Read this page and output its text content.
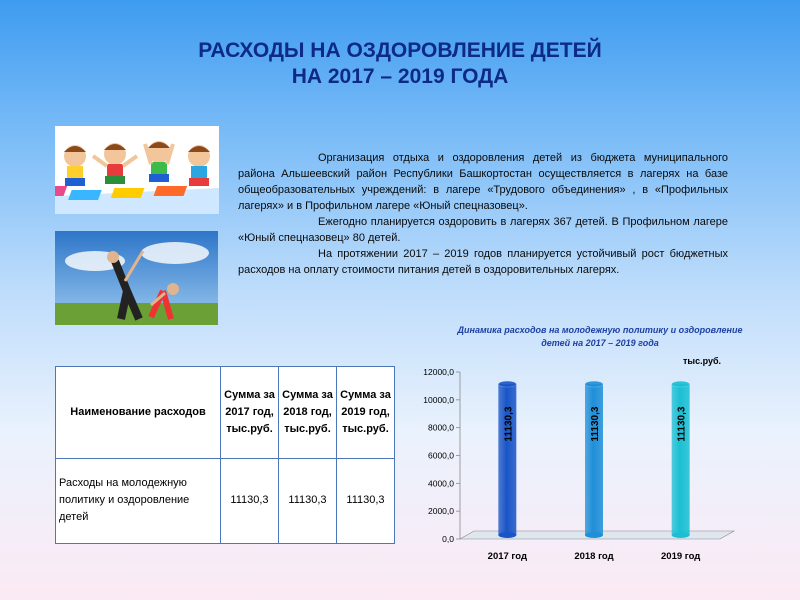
РАСХОДЫ НА ОЗДОРОВЛЕНИЕ ДЕТЕЙ
НА 2017 – 2019 ГОДА

Организация отдыха и оздоровления детей из бюджета муниципального района Альшеевский район Республики Башкортостан осуществляется в лагерях на базе общеобразовательных учреждений: в лагере «Трудового объединения» , в «Профильных лагерях» и в Профильном лагере «Юный спецназовец».

Ежегодно планируется оздоровить в лагерях 367 детей. В Профильном лагере «Юный спецназовец» 80 детей.

На протяжении 2017 – 2019 годов планируется устойчивый рост бюджетных расходов на оплату стоимости питания детей в оздоровительных лагерях.

Наименование расходов	Сумма за 2017 год, тыс.руб.	Сумма за 2018 год, тыс.руб.	Сумма за 2019 год, тыс.руб.
Расходы на молодежную политику и оздоровление детей	11130,3	11130,3	11130,3
Динамика расходов на молодежную политику и оздоровление детей на 2017 – 2019 года
тыс.руб.
0,0
2000,0
4000,0
6000,0
8000,0
10000,0
12000,0
11130,3
2017 год
11130,3
2018 год
11130,3
2019 год
